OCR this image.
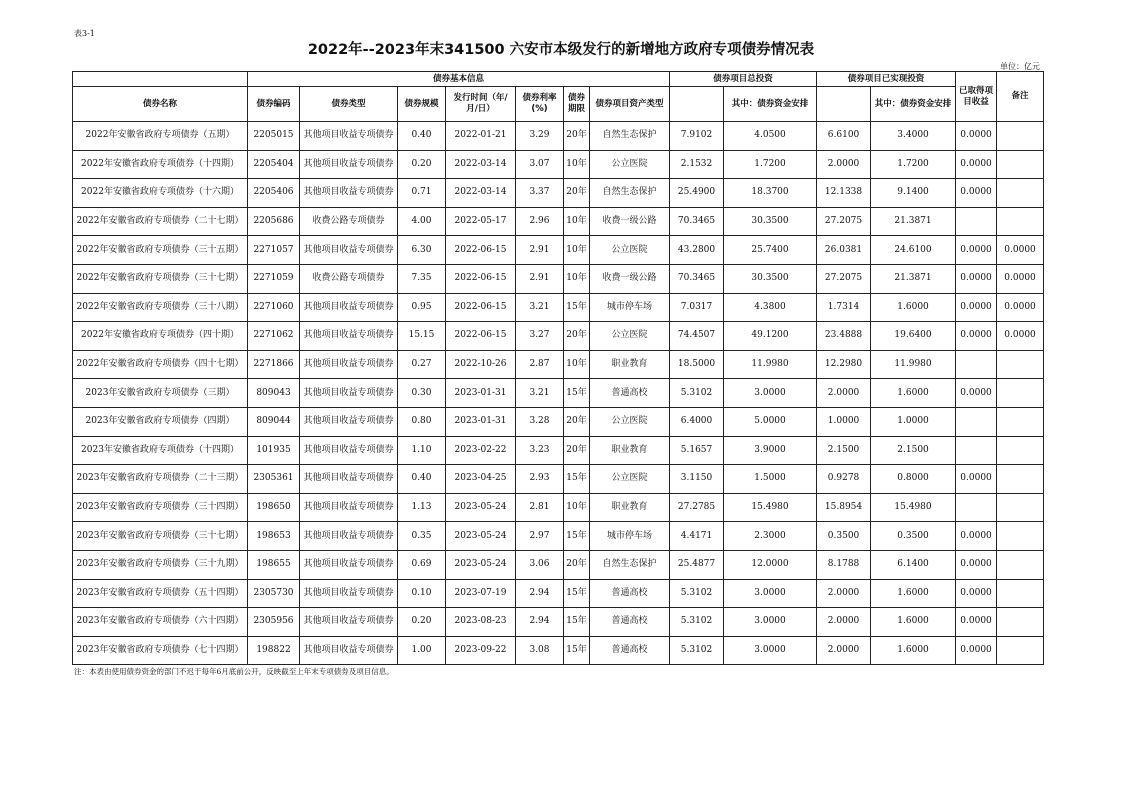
表3-1
2022年--2023年末341500 六安市本级发行的新增地方政府专项债券情况表
单位：亿元
	债券基本信息							债券项目总投资		债券项目已实现投资		已取得项目收益	备注
债券名称	债券编码	债券类型	债券规模	发行时间（年/月/日）	债券利率(%)	债券期限	债券项目资产类型		其中：债券资金安排		其中：债券资金安排		
2022年安徽省政府专项债券（五期）	2205015	其他项目收益专项债券	0.40	2022-01-21	3.29	20年	自然生态保护	7.9102	4.0500	6.6100	3.4000	0.0000	
2022年安徽省政府专项债券（十四期）	2205404	其他项目收益专项债券	0.20	2022-03-14	3.07	10年	公立医院	2.1532	1.7200	2.0000	1.7200	0.0000	
2022年安徽省政府专项债券（十六期）	2205406	其他项目收益专项债券	0.71	2022-03-14	3.37	20年	自然生态保护	25.4900	18.3700	12.1338	9.1400	0.0000	
2022年安徽省政府专项债券（二十七期）	2205686	收费公路专项债券	4.00	2022-05-17	2.96	10年	收费一级公路	70.3465	30.3500	27.2075	21.3871		
2022年安徽省政府专项债券（三十五期）	2271057	其他项目收益专项债券	6.30	2022-06-15	2.91	10年	公立医院	43.2800	25.7400	26.0381	24.6100	0.0000	0.0000
2022年安徽省政府专项债券（三十七期）	2271059	收费公路专项债券	7.35	2022-06-15	2.91	10年	收费一级公路	70.3465	30.3500	27.2075	21.3871	0.0000	0.0000
2022年安徽省政府专项债券（三十八期）	2271060	其他项目收益专项债券	0.95	2022-06-15	3.21	15年	城市停车场	7.0317	4.3800	1.7314	1.6000	0.0000	0.0000
2022年安徽省政府专项债券（四十期）	2271062	其他项目收益专项债券	15.15	2022-06-15	3.27	20年	公立医院	74.4507	49.1200	23.4888	19.6400	0.0000	0.0000
2022年安徽省政府专项债券（四十七期）	2271866	其他项目收益专项债券	0.27	2022-10-26	2.87	10年	职业教育	18.5000	11.9980	12.2980	11.9980		
2023年安徽省政府专项债券（三期）	809043	其他项目收益专项债券	0.30	2023-01-31	3.21	15年	普通高校	5.3102	3.0000	2.0000	1.6000	0.0000	
2023年安徽省政府专项债券（四期）	809044	其他项目收益专项债券	0.80	2023-01-31	3.28	20年	公立医院	6.4000	5.0000	1.0000	1.0000		
2023年安徽省政府专项债券（十四期）	101935	其他项目收益专项债券	1.10	2023-02-22	3.23	20年	职业教育	5.1657	3.9000	2.1500	2.1500		
2023年安徽省政府专项债券（二十三期）	2305361	其他项目收益专项债券	0.40	2023-04-25	2.93	15年	公立医院	3.1150	1.5000	0.9278	0.8000	0.0000	
2023年安徽省政府专项债券（三十四期）	198650	其他项目收益专项债券	1.13	2023-05-24	2.81	10年	职业教育	27.2785	15.4980	15.8954	15.4980		
2023年安徽省政府专项债券（三十七期）	198653	其他项目收益专项债券	0.35	2023-05-24	2.97	15年	城市停车场	4.4171	2.3000	0.3500	0.3500	0.0000	
2023年安徽省政府专项债券（三十九期）	198655	其他项目收益专项债券	0.69	2023-05-24	3.06	20年	自然生态保护	25.4877	12.0000	8.1788	6.1400	0.0000	
2023年安徽省政府专项债券（五十四期）	2305730	其他项目收益专项债券	0.10	2023-07-19	2.94	15年	普通高校	5.3102	3.0000	2.0000	1.6000	0.0000	
2023年安徽省政府专项债券（六十四期）	2305956	其他项目收益专项债券	0.20	2023-08-23	2.94	15年	普通高校	5.3102	3.0000	2.0000	1.6000	0.0000	
2023年安徽省政府专项债券（七十四期）	198822	其他项目收益专项债券	1.00	2023-09-22	3.08	15年	普通高校	5.3102	3.0000	2.0000	1.6000	0.0000	
注：本表由使用债券资金的部门不迟于每年6月底前公开，反映截至上年末专项债券及项目信息。
